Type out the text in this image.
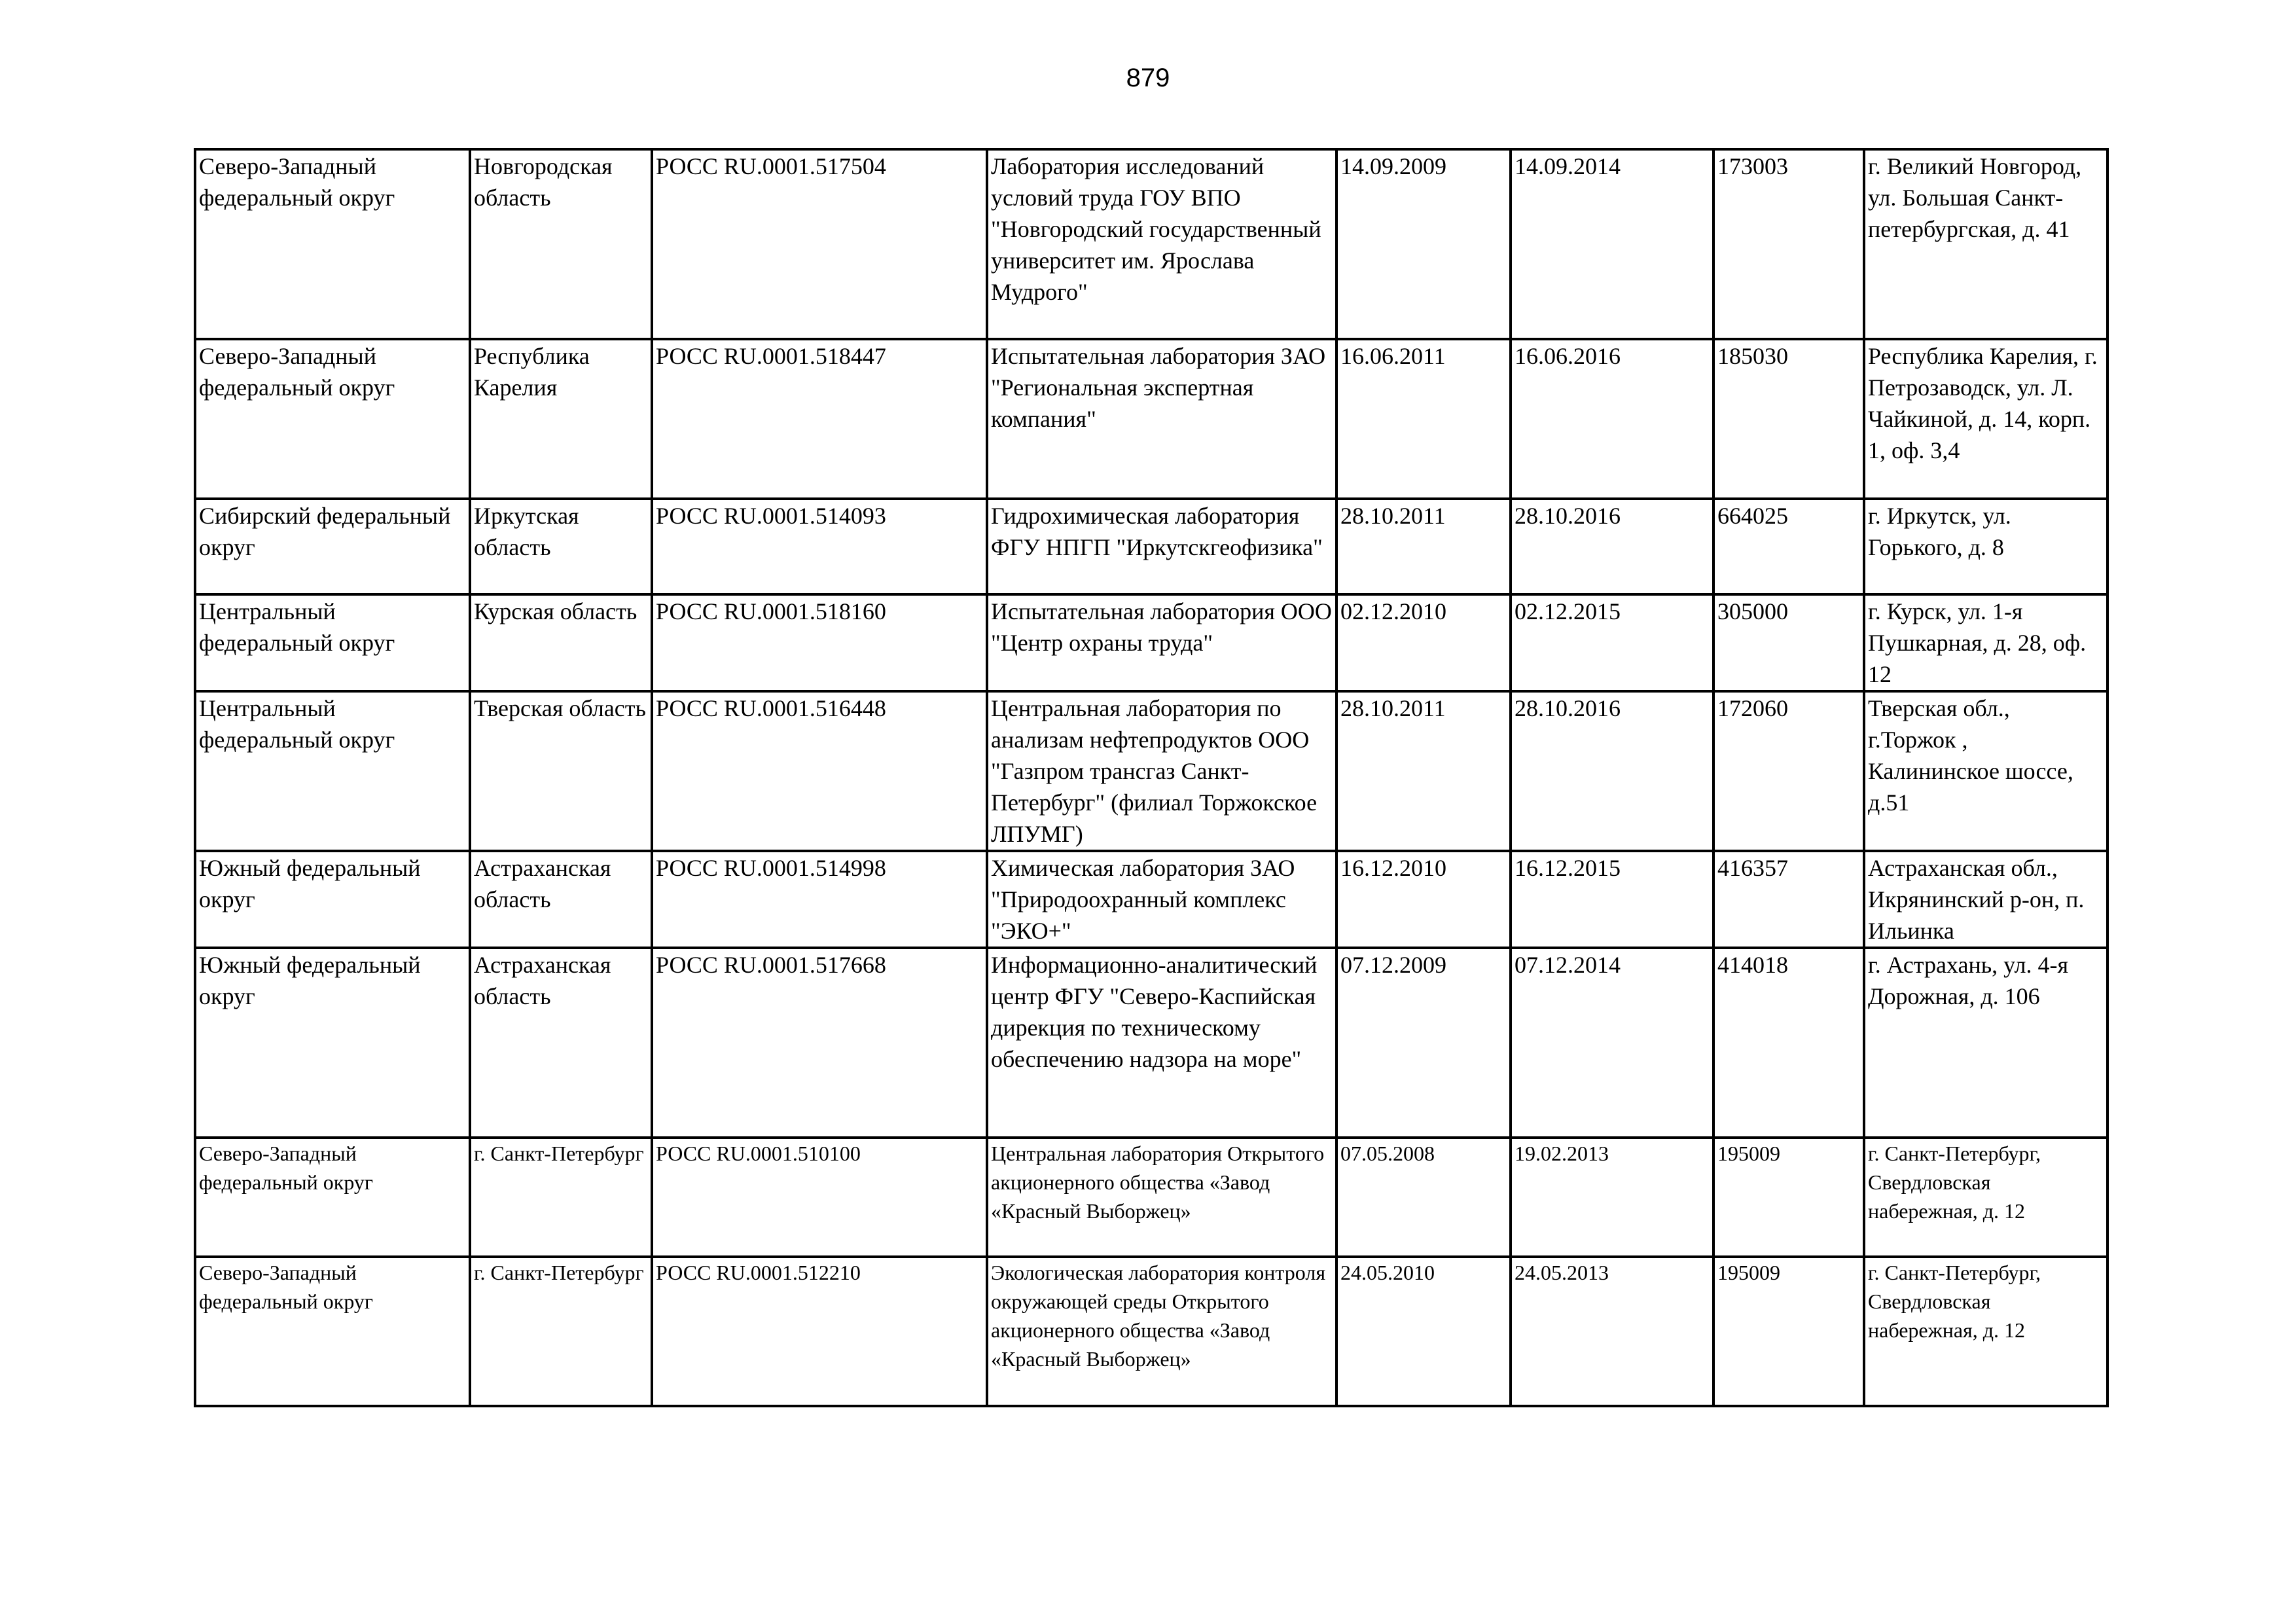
879
Северо-Западный федеральный округ	Новгородская область	РОСС RU.0001.517504	Лаборатория исследований условий труда ГОУ ВПО "Новгородский государственный университет им. Ярослава Мудрого"	14.09.2009	14.09.2014	173003	г. Великий Новгород, ул. Большая Санкт-петербургская, д. 41
Северо-Западный федеральный округ	Республика Карелия	РОСС RU.0001.518447	Испытательная лаборатория ЗАО "Региональная экспертная компания"	16.06.2011	16.06.2016	185030	Республика Карелия, г. Петрозаводск, ул. Л. Чайкиной, д. 14, корп. 1, оф. 3,4
Сибирский федеральный округ	Иркутская область	РОСС RU.0001.514093	Гидрохимическая лаборатория ФГУ НПГП "Иркутскгеофизика"	28.10.2011	28.10.2016	664025	г. Иркутск, ул. Горького, д. 8
Центральный федеральный округ	Курская область	РОСС RU.0001.518160	Испытательная лаборатория ООО "Центр охраны труда"	02.12.2010	02.12.2015	305000	г. Курск, ул. 1-я Пушкарная, д. 28, оф. 12
Центральный федеральный округ	Тверская область	РОСС RU.0001.516448	Центральная лаборатория по анализам нефтепродуктов ООО "Газпром трансгаз Санкт-Петербург" (филиал Торжокское ЛПУМГ)	28.10.2011	28.10.2016	172060	Тверская обл., г.Торжок , Калининское шоссе, д.51
Южный федеральный округ	Астраханская область	РОСС RU.0001.514998	Химическая лаборатория ЗАО "Природоохранный комплекс "ЭКО+"	16.12.2010	16.12.2015	416357	Астраханская обл., Икрянинский р-он, п. Ильинка
Южный федеральный округ	Астраханская область	РОСС RU.0001.517668	Информационно-аналитический центр ФГУ "Северо-Каспийская дирекция по техническому обеспечению надзора на море"	07.12.2009	07.12.2014	414018	г. Астрахань, ул. 4-я Дорожная, д. 106
Северо-Западный федеральный округ	г. Санкт-Петербург	РОСС RU.0001.510100	Центральная лаборатория Открытого акционерного общества «Завод «Красный Выборжец»	07.05.2008	19.02.2013	195009	г. Санкт-Петербург, Свердловская набережная, д. 12
Северо-Западный федеральный округ	г. Санкт-Петербург	РОСС RU.0001.512210	Экологическая лаборатория контроля окружающей среды Открытого акционерного общества «Завод «Красный Выборжец»	24.05.2010	24.05.2013	195009	г. Санкт-Петербург, Свердловская набережная, д. 12
